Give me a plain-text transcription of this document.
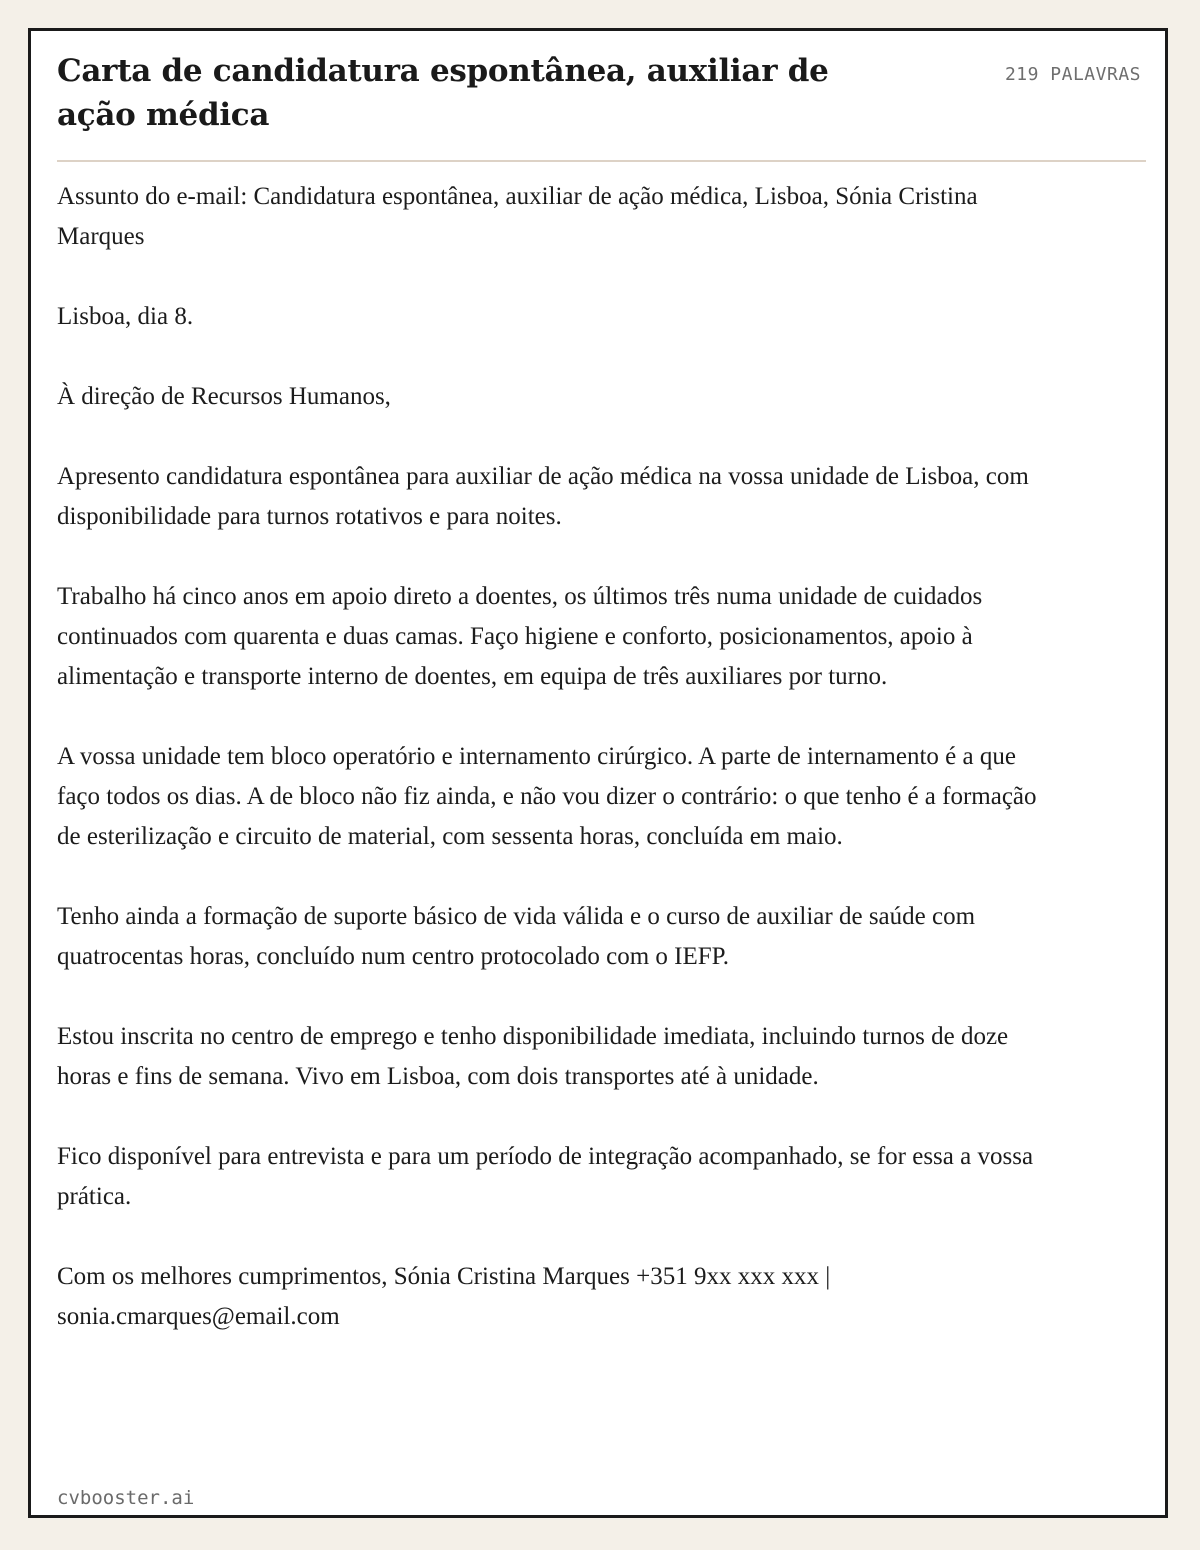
Carta de candidatura espontânea, auxiliar de ação médica
219 PALAVRAS

Assunto do e-mail: Candidatura espontânea, auxiliar de ação médica, Lisboa, Sónia Cristina Marques

Lisboa, dia 8.

À direção de Recursos Humanos,

Apresento candidatura espontânea para auxiliar de ação médica na vossa unidade de Lisboa, com disponibilidade para turnos rotativos e para noites.

Trabalho há cinco anos em apoio direto a doentes, os últimos três numa unidade de cuidados continuados com quarenta e duas camas. Faço higiene e conforto, posicionamentos, apoio à alimentação e transporte interno de doentes, em equipa de três auxiliares por turno.

A vossa unidade tem bloco operatório e internamento cirúrgico. A parte de internamento é a que faço todos os dias. A de bloco não fiz ainda, e não vou dizer o contrário: o que tenho é a formação de esterilização e circuito de material, com sessenta horas, concluída em maio.

Tenho ainda a formação de suporte básico de vida válida e o curso de auxiliar de saúde com quatrocentas horas, concluído num centro protocolado com o IEFP.

Estou inscrita no centro de emprego e tenho disponibilidade imediata, incluindo turnos de doze horas e fins de semana. Vivo em Lisboa, com dois transportes até à unidade.

Fico disponível para entrevista e para um período de integração acompanhado, se for essa a vossa prática.

Com os melhores cumprimentos, Sónia Cristina Marques +351 9xx xxx xxx | sonia.cmarques@email.com

cvbooster.ai
